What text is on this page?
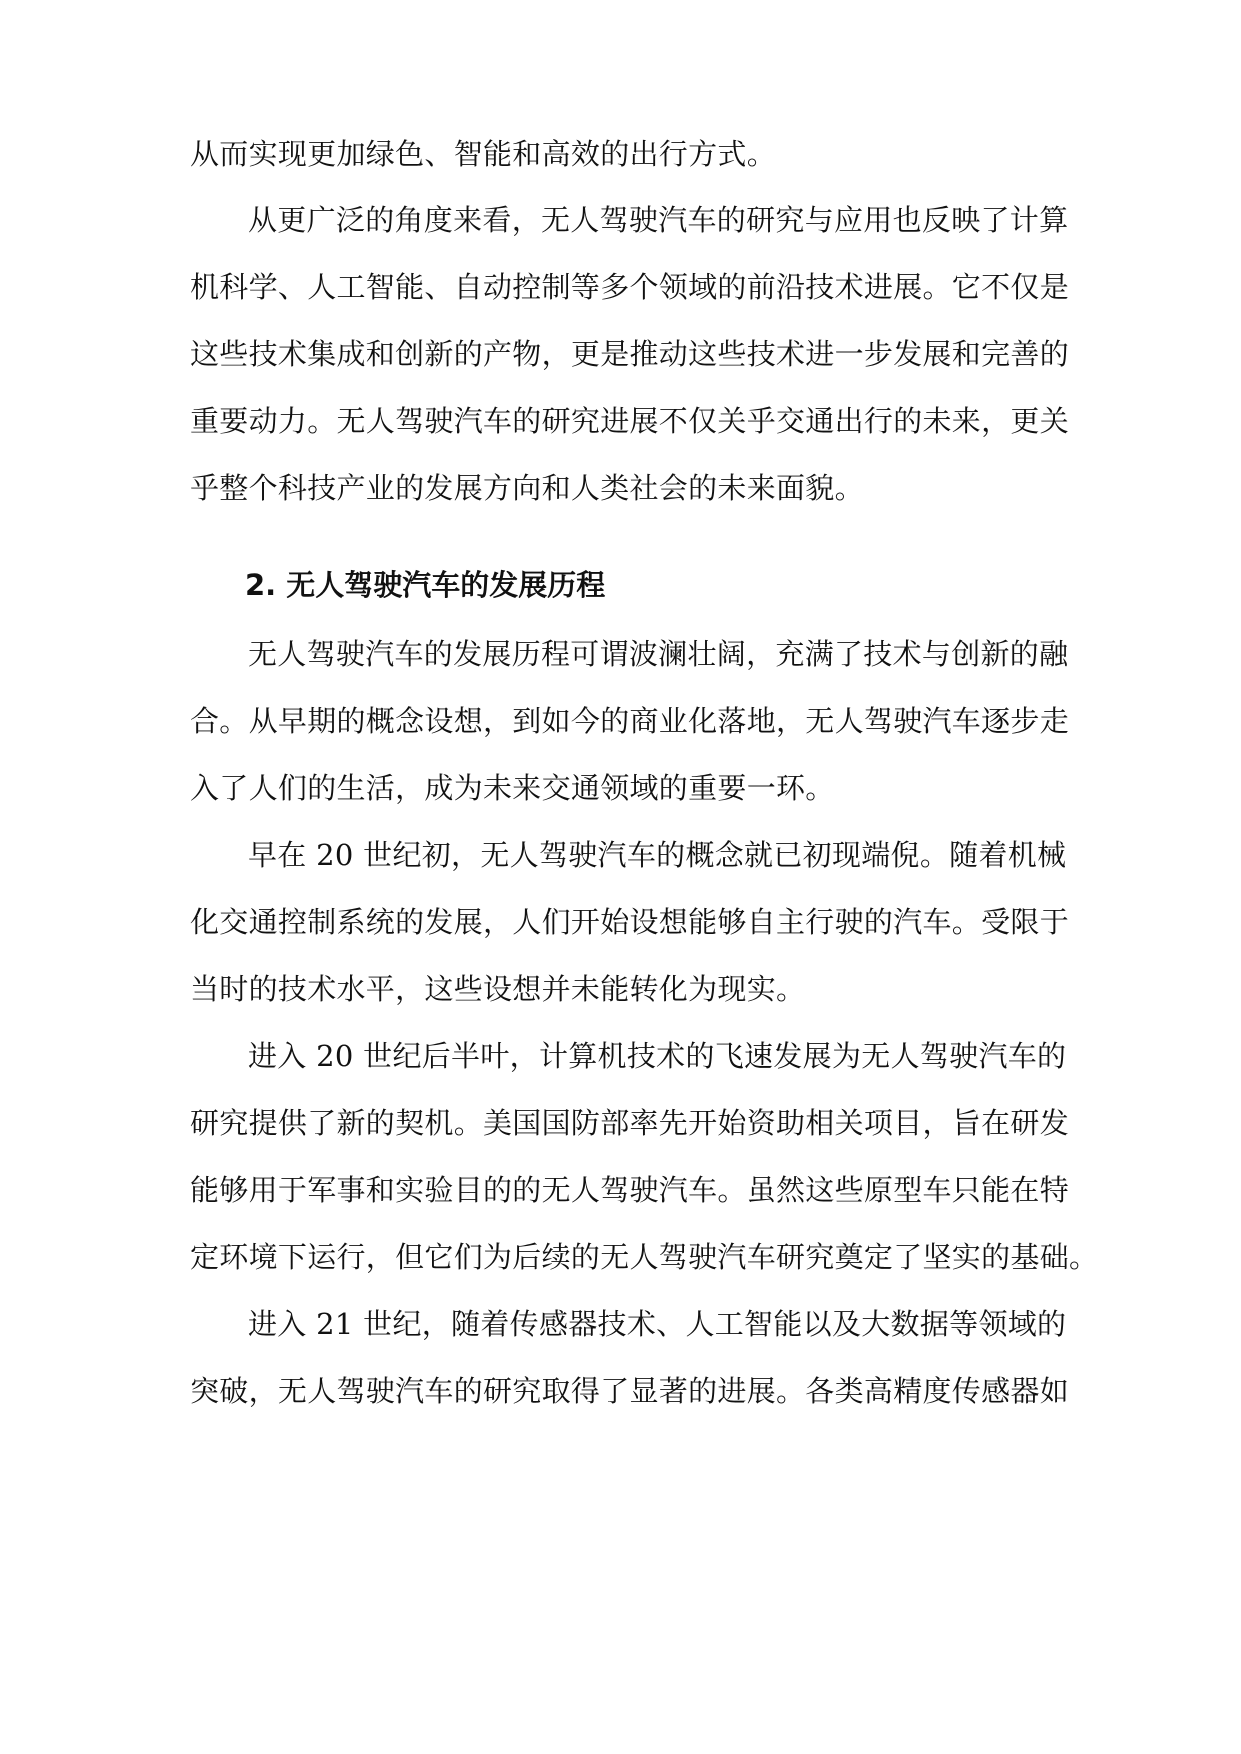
从而实现更加绿色、智能和高效的出行方式。
从更广泛的角度来看，无人驾驶汽车的研究与应用也反映了计算
机科学、人工智能、自动控制等多个领域的前沿技术进展。它不仅是
这些技术集成和创新的产物，更是推动这些技术进一步发展和完善的
重要动力。无人驾驶汽车的研究进展不仅关乎交通出行的未来，更关
乎整个科技产业的发展方向和人类社会的未来面貌。
2. 无人驾驶汽车的发展历程
无人驾驶汽车的发展历程可谓波澜壮阔，充满了技术与创新的融
合。从早期的概念设想，到如今的商业化落地，无人驾驶汽车逐步走
入了人们的生活，成为未来交通领域的重要一环。
早在 20 世纪初，无人驾驶汽车的概念就已初现端倪。随着机械
化交通控制系统的发展，人们开始设想能够自主行驶的汽车。受限于
当时的技术水平，这些设想并未能转化为现实。
进入 20 世纪后半叶，计算机技术的飞速发展为无人驾驶汽车的
研究提供了新的契机。美国国防部率先开始资助相关项目，旨在研发
能够用于军事和实验目的的无人驾驶汽车。虽然这些原型车只能在特
定环境下运行，但它们为后续的无人驾驶汽车研究奠定了坚实的基础。
进入 21 世纪，随着传感器技术、人工智能以及大数据等领域的
突破，无人驾驶汽车的研究取得了显著的进展。各类高精度传感器如
